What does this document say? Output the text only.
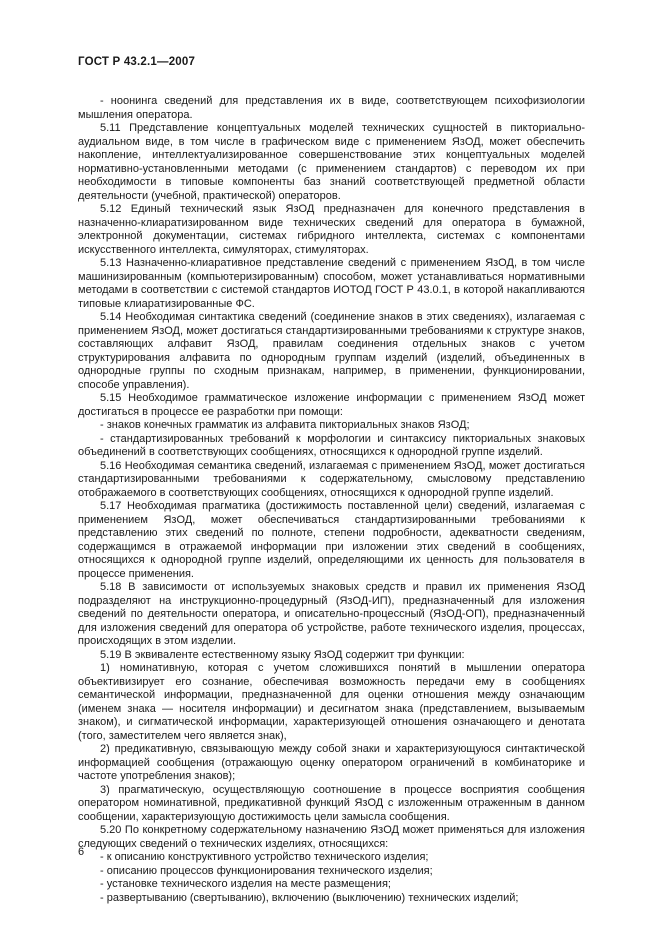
ГОСТ Р 43.2.1—2007

- ноонинга сведений для представления их в виде, соответствующем психофизиологии мышления оператора.

5.11 Представление концептуальных моделей технических сущностей в пикториально-аудиальном виде, в том числе в графическом виде с применением ЯзОД, может обеспечить накопление, интеллектуализированное совершенствование этих концептуальных моделей нормативно-установленными методами (с применением стандартов) с переводом их при необходимости в типовые компоненты баз знаний соответствующей предметной области деятельности (учебной, практической) операторов.

5.12 Единый технический язык ЯзОД предназначен для конечного представления в назначенно-клиаратизированном виде технических сведений для оператора в бумажной, электронной документации, системах гибридного интеллекта, системах с компонентами искусственного интеллекта, симуляторах, стимуляторах.

5.13 Назначенно-клиаративное представление сведений с применением ЯзОД, в том числе машинизированным (компьютеризированным) способом, может устанавливаться нормативными методами в соответствии с системой стандартов ИОТОД ГОСТ Р 43.0.1, в которой накапливаются типовые клиаратизированные ФС.

5.14 Необходимая синтактика сведений (соединение знаков в этих сведениях), излагаемая с применением ЯзОД, может достигаться стандартизированными требованиями к структуре знаков, составляющих алфавит ЯзОД, правилам соединения отдельных знаков с учетом структурирования алфавита по однородным группам изделий (изделий, объединенных в однородные группы по сходным признакам, например, в применении, функционировании, способе управления).

5.15 Необходимое грамматическое изложение информации с применением ЯзОД может достигаться в процессе ее разработки при помощи:

- знаков конечных грамматик из алфавита пикториальных знаков ЯзОД;

- стандартизированных требований к морфологии и синтаксису пикториальных знаковых объединений в соответствующих сообщениях, относящихся к однородной группе изделий.

5.16 Необходимая семантика сведений, излагаемая с применением ЯзОД, может достигаться стандартизированными требованиями к содержательному, смысловому представлению отображаемого в соответствующих сообщениях, относящихся к однородной группе изделий.

5.17 Необходимая прагматика (достижимость поставленной цели) сведений, излагаемая с применением ЯзОД, может обеспечиваться стандартизированными требованиями к представлению этих сведений по полноте, степени подробности, адекватности сведениям, содержащимся в отражаемой информации при изложении этих сведений в сообщениях, относящихся к однородной группе изделий, определяющими их ценность для пользователя в процессе применения.

5.18 В зависимости от используемых знаковых средств и правил их применения ЯзОД подразделяют на инструкционно-процедурный (ЯзОД-ИП), предназначенный для изложения сведений по деятельности оператора, и описательно-процессный (ЯзОД-ОП), предназначенный для изложения сведений для оператора об устройстве, работе технического изделия, процессах, происходящих в этом изделии.

5.19 В эквиваленте естественному языку ЯзОД содержит три функции:

1) номинативную, которая с учетом сложившихся понятий в мышлении оператора объективизирует его сознание, обеспечивая возможность передачи ему в сообщениях семантической информации, предназначенной для оценки отношения между означающим (именем знака — носителя информации) и десигнатом знака (представлением, вызываемым знаком), и сигматической информации, характеризующей отношения означающего и денотата (того, заместителем чего является знак),

2) предикативную, связывающую между собой знаки и характеризующуюся синтактической информацией сообщения (отражающую оценку оператором ограничений в комбинаторике и частоте употребления знаков);

3) прагматическую, осуществляющую соотношение в процессе восприятия сообщения оператором номинативной, предикативной функций ЯзОД с изложенным отраженным в данном сообщении, характеризующую достижимость цели замысла сообщения.

5.20 По конкретному содержательному назначению ЯзОД может применяться для изложения следующих сведений о технических изделиях, относящихся:

- к описанию конструктивного устройство технического изделия;

- описанию процессов функционирования технического изделия;

- установке технического изделия на месте размещения;

- развертыванию (свертыванию), включению (выключению) технических изделий;

6
